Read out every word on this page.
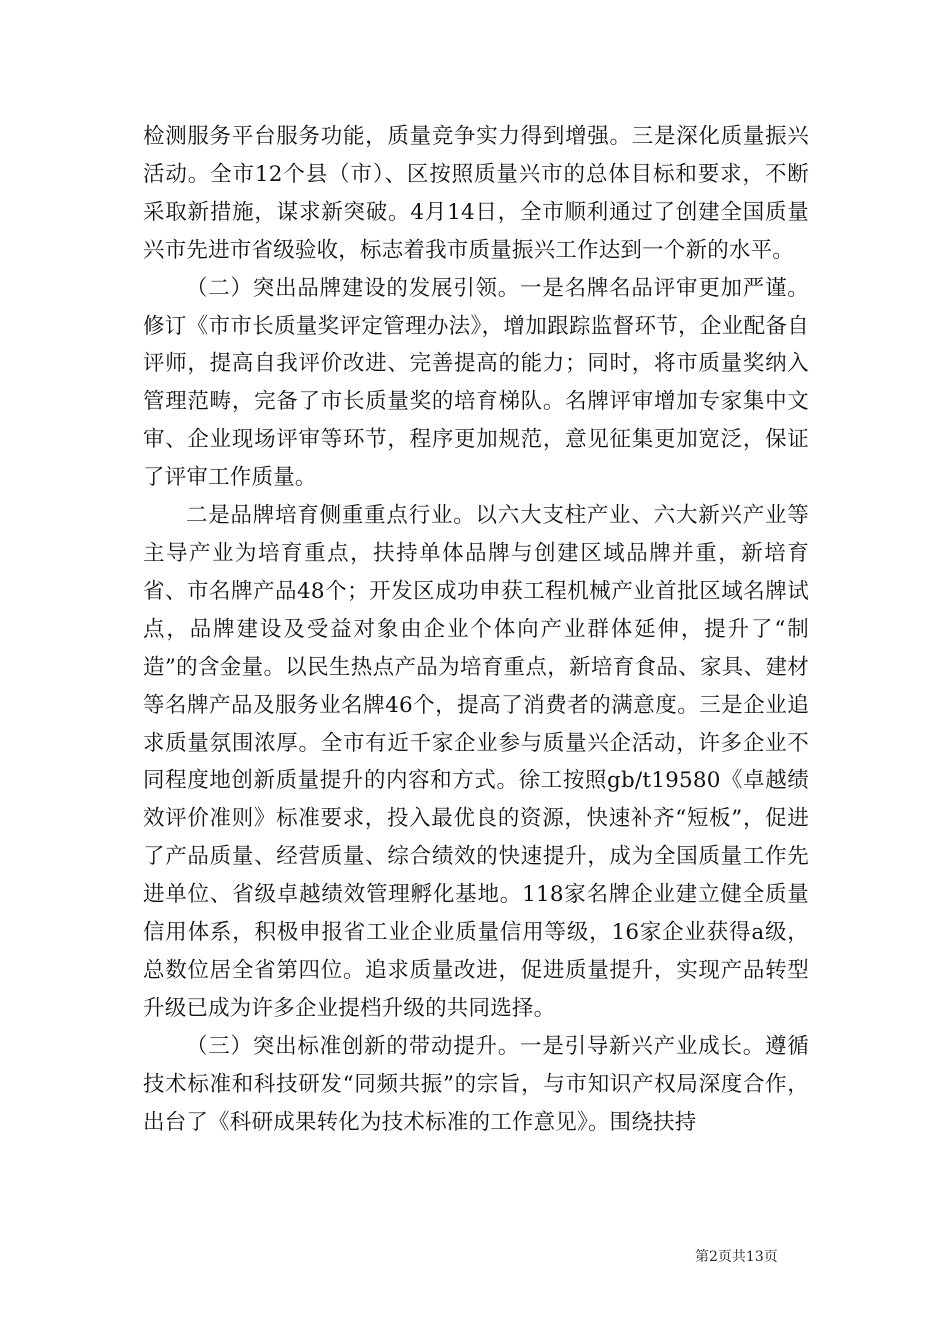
检测服务平台服务功能，质量竞争实力得到增强。三是深化质量振兴活动。全市12个县（市）、区按照质量兴市的总体目标和要求，不断采取新措施，谋求新突破。4月14日，全市顺利通过了创建全国质量兴市先进市省级验收，标志着我市质量振兴工作达到一个新的水平。

（二）突出品牌建设的发展引领。一是名牌名品评审更加严谨。修订《市市长质量奖评定管理办法》，增加跟踪监督环节，企业配备自评师，提高自我评价改进、完善提高的能力；同时，将市质量奖纳入管理范畴，完备了市长质量奖的培育梯队。名牌评审增加专家集中文审、企业现场评审等环节，程序更加规范，意见征集更加宽泛，保证了评审工作质量。

二是品牌培育侧重重点行业。以六大支柱产业、六大新兴产业等主导产业为培育重点，扶持单体品牌与创建区域品牌并重，新培育省、市名牌产品48个；开发区成功申获工程机械产业首批区域名牌试点，品牌建设及受益对象由企业个体向产业群体延伸，提升了“制造”的含金量。以民生热点产品为培育重点，新培育食品、家具、建材等名牌产品及服务业名牌46个，提高了消费者的满意度。三是企业追求质量氛围浓厚。全市有近千家企业参与质量兴企活动，许多企业不同程度地创新质量提升的内容和方式。徐工按照gb/t19580《卓越绩效评价准则》标准要求，投入最优良的资源，快速补齐“短板”，促进了产品质量、经营质量、综合绩效的快速提升，成为全国质量工作先进单位、省级卓越绩效管理孵化基地。118家名牌企业建立健全质量信用体系，积极申报省工业企业质量信用等级，16家企业获得a级，总数位居全省第四位。追求质量改进，促进质量提升，实现产品转型升级已成为许多企业提档升级的共同选择。

（三）突出标准创新的带动提升。一是引导新兴产业成长。遵循技术标准和科技研发“同频共振”的宗旨，与市知识产权局深度合作，出台了《科研成果转化为技术标准的工作意见》。围绕扶持

第2页共13页
